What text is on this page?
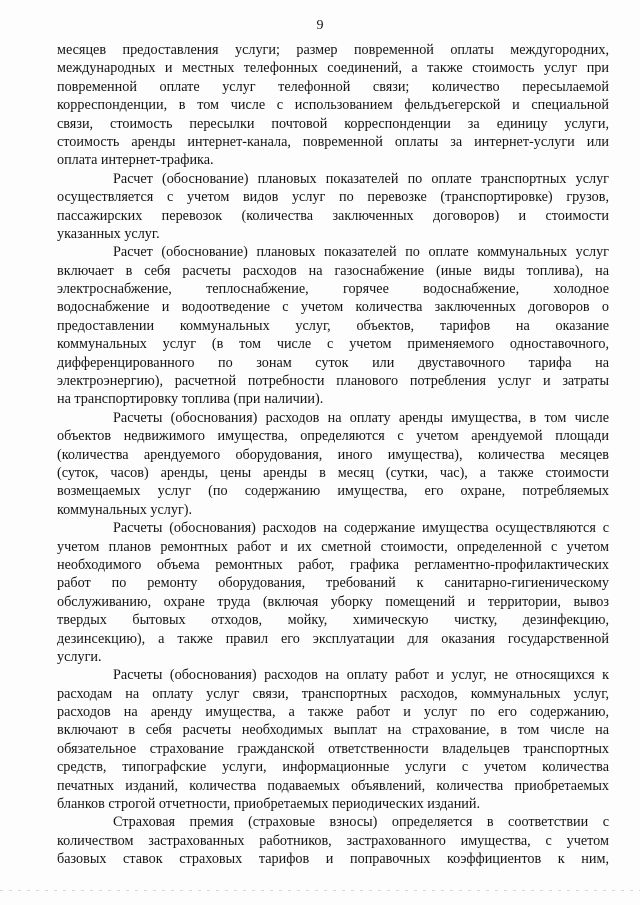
9
месяцев предоставления услуги; размер повременной оплаты междугородних,
международных и местных телефонных соединений, а также стоимость услуг при
повременной оплате услуг телефонной связи; количество пересылаемой
корреспонденции, в том числе с использованием фельдъегерской и специальной
связи, стоимость пересылки почтовой корреспонденции за единицу услуги,
стоимость аренды интернет-канала, повременной оплаты за интернет-услуги или
оплата интернет-трафика.
Расчет (обоснование) плановых показателей по оплате транспортных услуг
осуществляется с учетом видов услуг по перевозке (транспортировке) грузов,
пассажирских перевозок (количества заключенных договоров) и стоимости
указанных услуг.
Расчет (обоснование) плановых показателей по оплате коммунальных услуг
включает в себя расчеты расходов на газоснабжение (иные виды топлива), на
электроснабжение, теплоснабжение, горячее водоснабжение, холодное
водоснабжение и водоотведение с учетом количества заключенных договоров о
предоставлении коммунальных услуг, объектов, тарифов на оказание
коммунальных услуг (в том числе с учетом применяемого одноставочного,
дифференцированного по зонам суток или двуставочного тарифа на
электроэнергию), расчетной потребности планового потребления услуг и затраты
на транспортировку топлива (при наличии).
Расчеты (обоснования) расходов на оплату аренды имущества, в том числе
объектов недвижимого имущества, определяются с учетом арендуемой площади
(количества арендуемого оборудования, иного имущества), количества месяцев
(суток, часов) аренды, цены аренды в месяц (сутки, час), а также стоимости
возмещаемых услуг (по содержанию имущества, его охране, потребляемых
коммунальных услуг).
Расчеты (обоснования) расходов на содержание имущества осуществляются с
учетом планов ремонтных работ и их сметной стоимости, определенной с учетом
необходимого объема ремонтных работ, графика регламентно-профилактических
работ по ремонту оборудования, требований к санитарно-гигиеническому
обслуживанию, охране труда (включая уборку помещений и территории, вывоз
твердых бытовых отходов, мойку, химическую чистку, дезинфекцию,
дезинсекцию), а также правил его эксплуатации для оказания государственной
услуги.
Расчеты (обоснования) расходов на оплату работ и услуг, не относящихся к
расходам на оплату услуг связи, транспортных расходов, коммунальных услуг,
расходов на аренду имущества, а также работ и услуг по его содержанию,
включают в себя расчеты необходимых выплат на страхование, в том числе на
обязательное страхование гражданской ответственности владельцев транспортных
средств, типографские услуги, информационные услуги с учетом количества
печатных изданий, количества подаваемых объявлений, количества приобретаемых
бланков строгой отчетности, приобретаемых периодических изданий.
Страховая премия (страховые взносы) определяется в соответствии с
количеством застрахованных работников, застрахованного имущества, с учетом
базовых ставок страховых тарифов и поправочных коэффициентов к ним,
